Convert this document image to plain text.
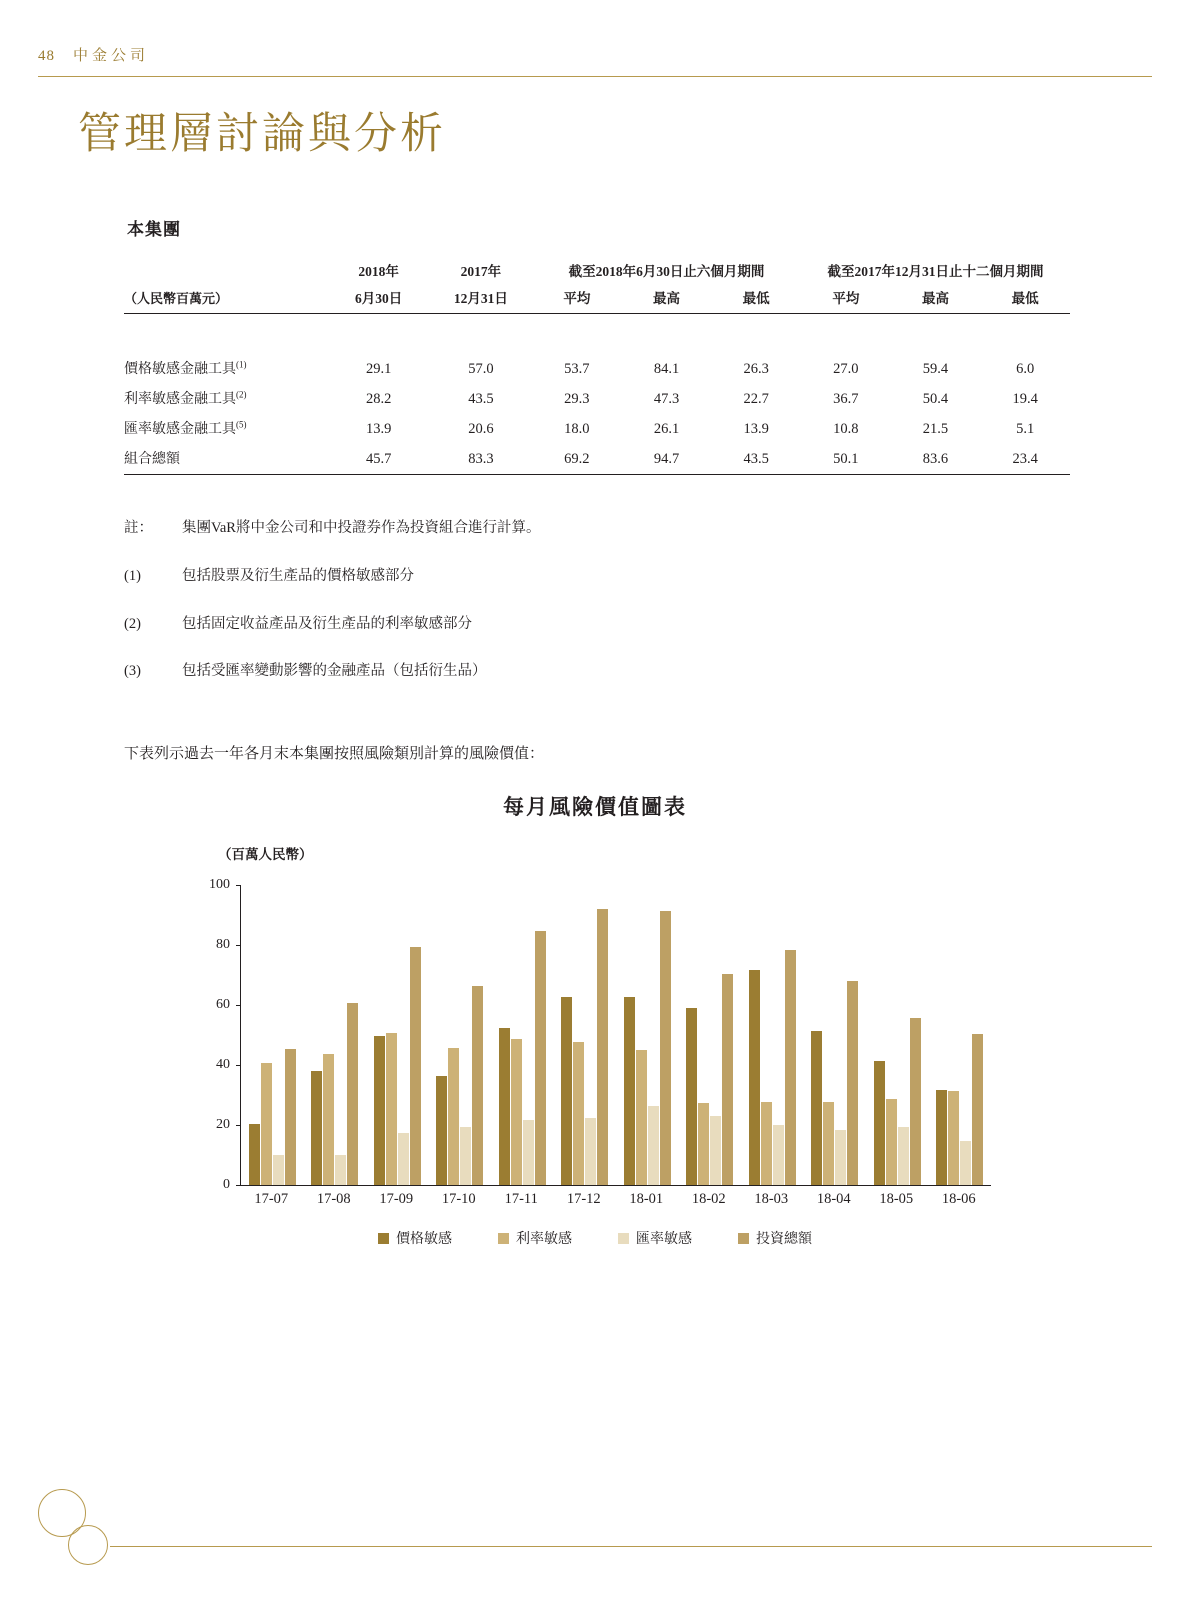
48 中金公司
管理層討論與分析
本集團
	2018年	2017年	截至2018年6月30日止六個月期間			截至2017年12月31日止十二個月期間		
（人民幣百萬元）	6月30日	12月31日	平均	最高	最低	平均	最高	最低

價格敏感金融工具$^{(1)}$	29.1	57.0	53.7	84.1	26.3	27.0	59.4	6.0
利率敏感金融工具$^{(2)}$	28.2	43.5	29.3	47.3	22.7	36.7	50.4	19.4
匯率敏感金融工具$^{(5)}$	13.9	20.6	18.0	26.1	13.9	10.8	21.5	5.1
組合總額	45.7	83.3	69.2	94.7	43.5	50.1	83.6	23.4
註：	集團VaR將中金公司和中投證券作為投資組合進行計算。
(1)	包括股票及衍生產品的價格敏感部分
(2)	包括固定收益產品及衍生產品的利率敏感部分
(3)	包括受匯率變動影響的金融產品（包括衍生品）
下表列示過去一年各月末本集團按照風險類別計算的風險價值：
每月風險價值圖表
（百萬人民幣）
0
20
40
60
80
100
17-07	17-08	17-09	17-10	17-11	17-12	18-01	18-02	18-03	18-04	18-05	18-06
價格敏感	利率敏感	匯率敏感	投資總額
